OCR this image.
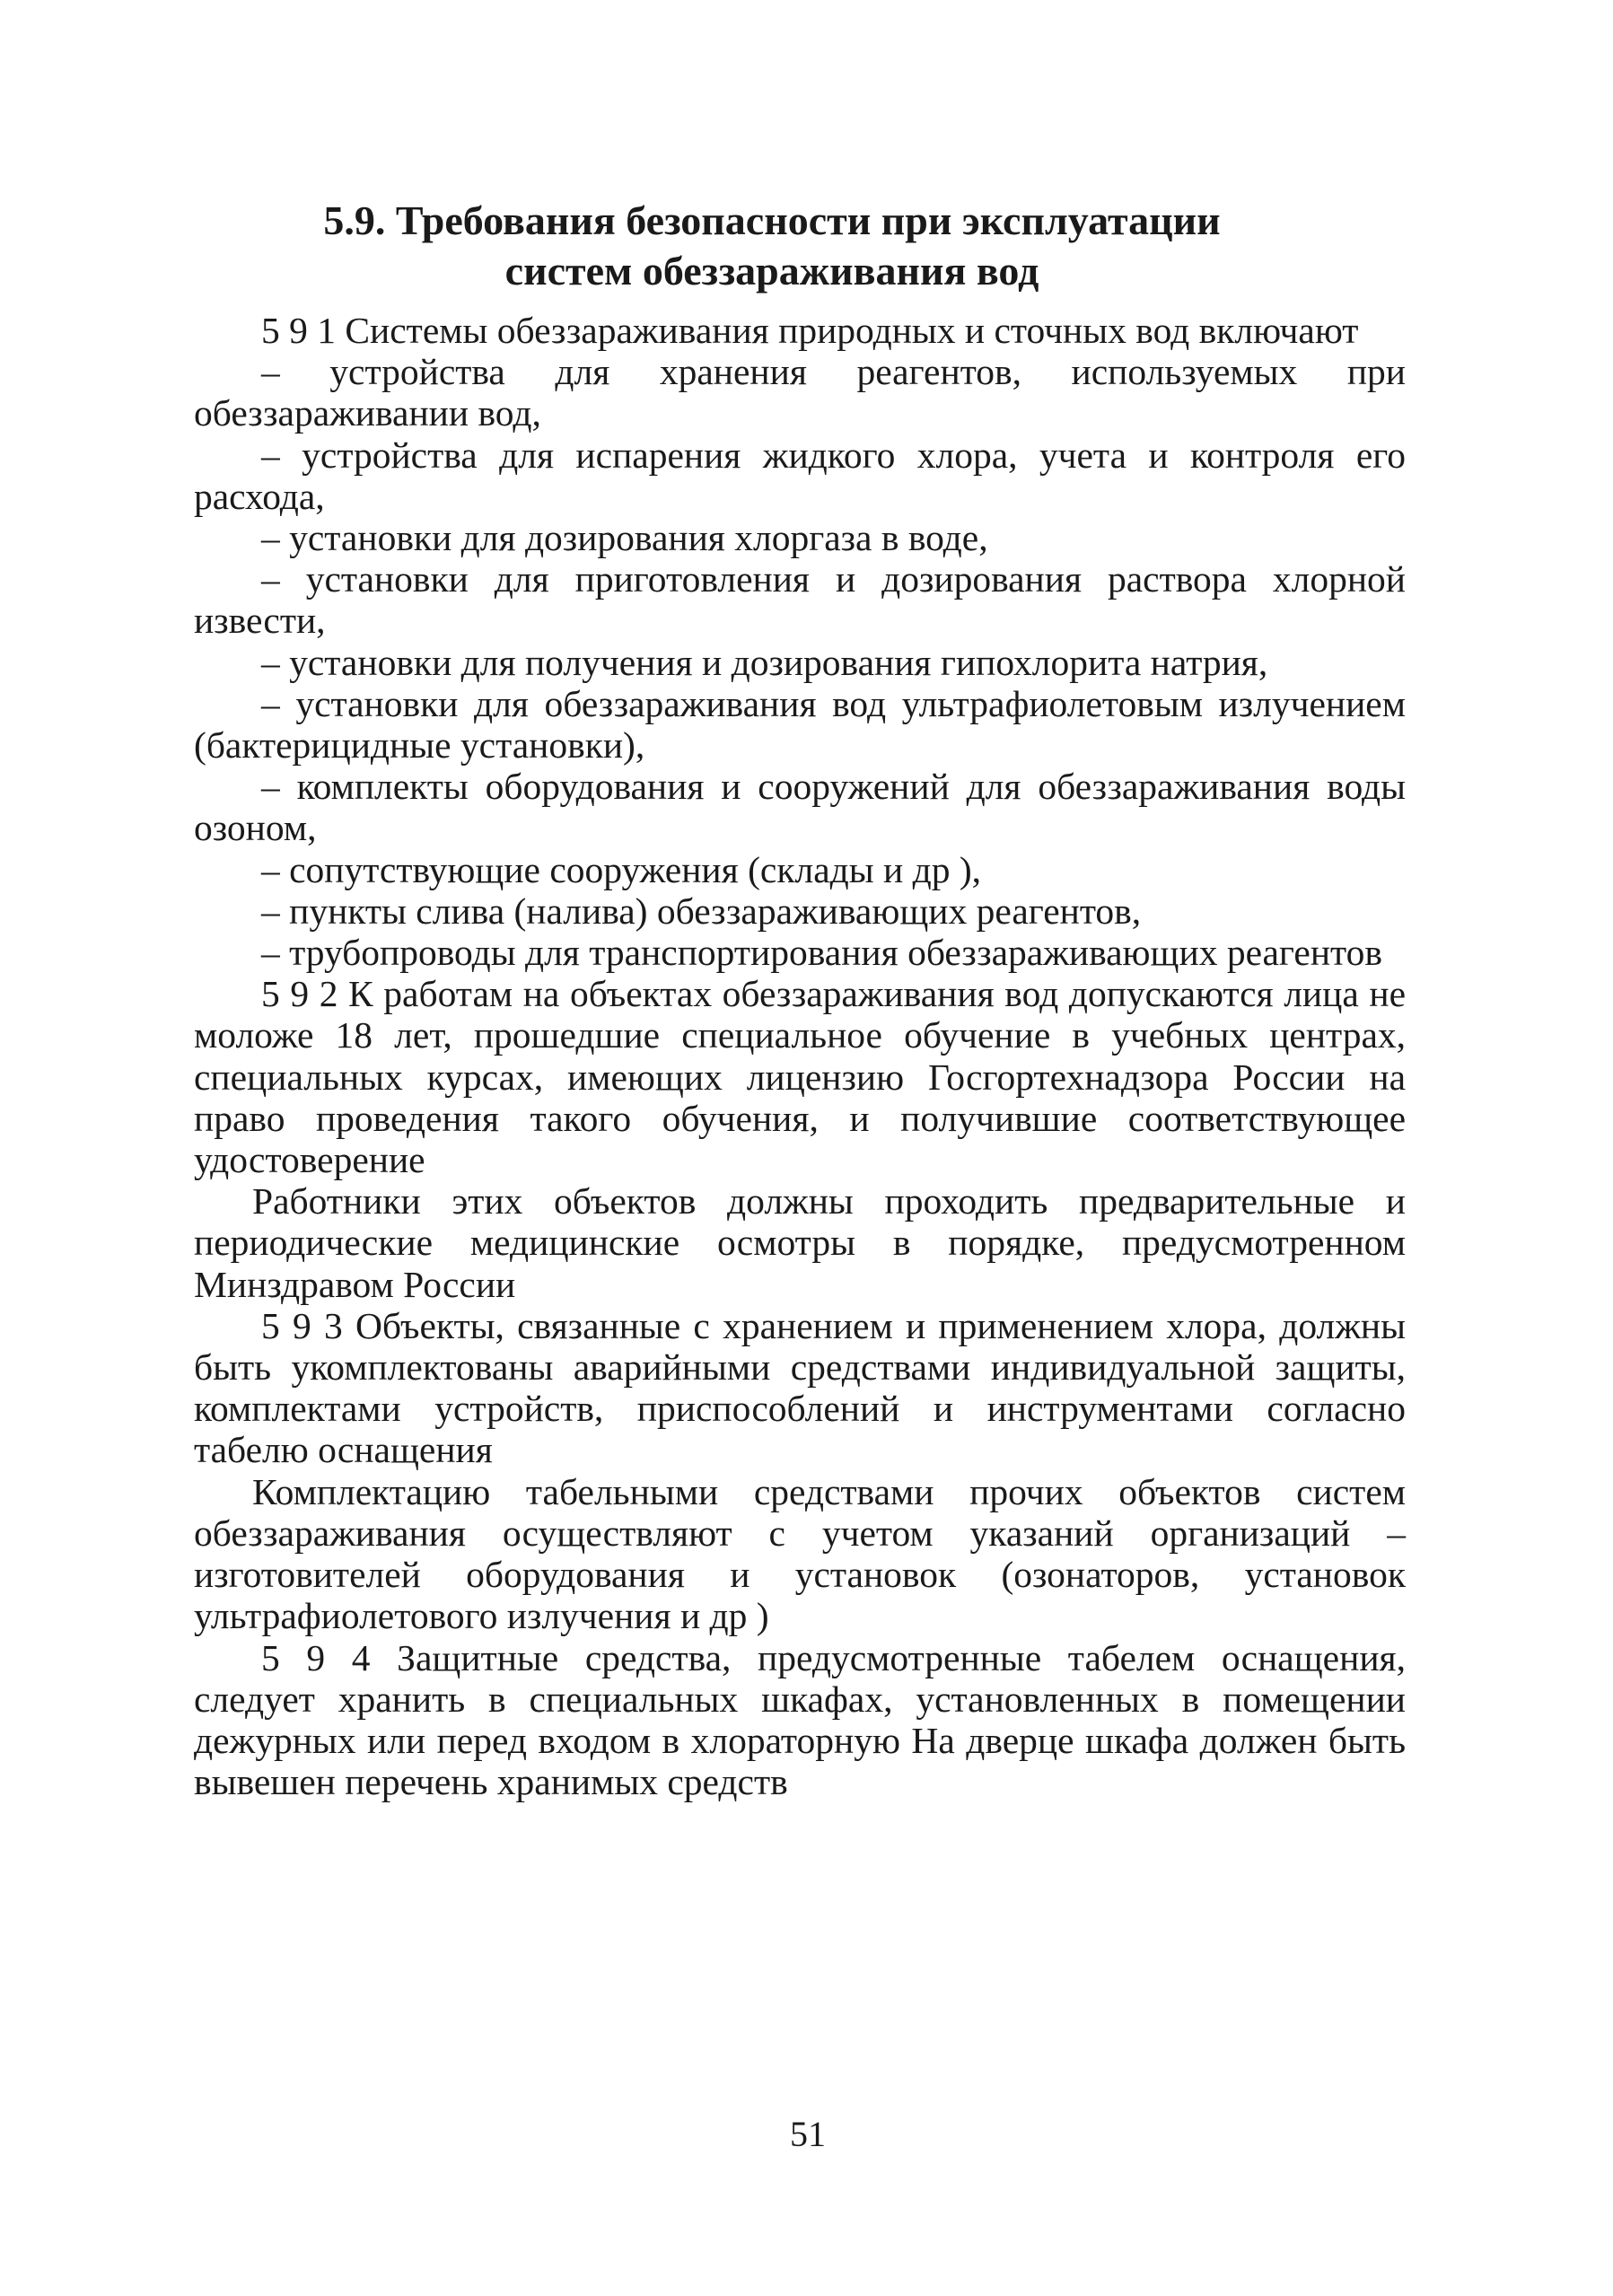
5.9. Требования безопасности при эксплуатации
систем обеззараживания вод

5 9 1 Системы обеззараживания природных и сточных вод включают

– устройства для хранения реагентов, используемых при обеззараживании вод,

– устройства для испарения жидкого хлора, учета и контроля его расхода,

– установки для дозирования хлоргаза в воде,

– установки для приготовления и дозирования раствора хлорной извести,

– установки для получения и дозирования гипохлорита натрия,

– установки для обеззараживания вод ультрафиолетовым излучением (бактерицидные установки),

– комплекты оборудования и сооружений для обеззараживания воды озоном,

– сопутствующие сооружения (склады и др ),

– пункты слива (налива) обеззараживающих реагентов,

– трубопроводы для транспортирования обеззараживающих реагентов

5 9 2 К работам на объектах обеззараживания вод допускаются лица не моложе 18 лет, прошедшие специальное обучение в учебных центрах, специальных курсах, имеющих лицензию Госгортехнадзора России на право проведения такого обучения, и получившие соответствующее удостоверение

Работники этих объектов должны проходить предварительные и периодические медицинские осмотры в порядке, предусмотренном Минздравом России

5 9 3 Объекты, связанные с хранением и применением хлора, должны быть укомплектованы аварийными средствами индивидуальной защиты, комплектами устройств, приспособлений и инструментами согласно табелю оснащения

Комплектацию табельными средствами прочих объектов систем обеззараживания осуществляют с учетом указаний организаций – изготовителей оборудования и установок (озонаторов, установок ультрафиолетового излучения и др )

5 9 4 Защитные средства, предусмотренные табелем оснащения, следует хранить в специальных шкафах, установленных в помещении дежурных или перед входом в хлораторную На дверце шкафа должен быть вывешен перечень хранимых средств

51
